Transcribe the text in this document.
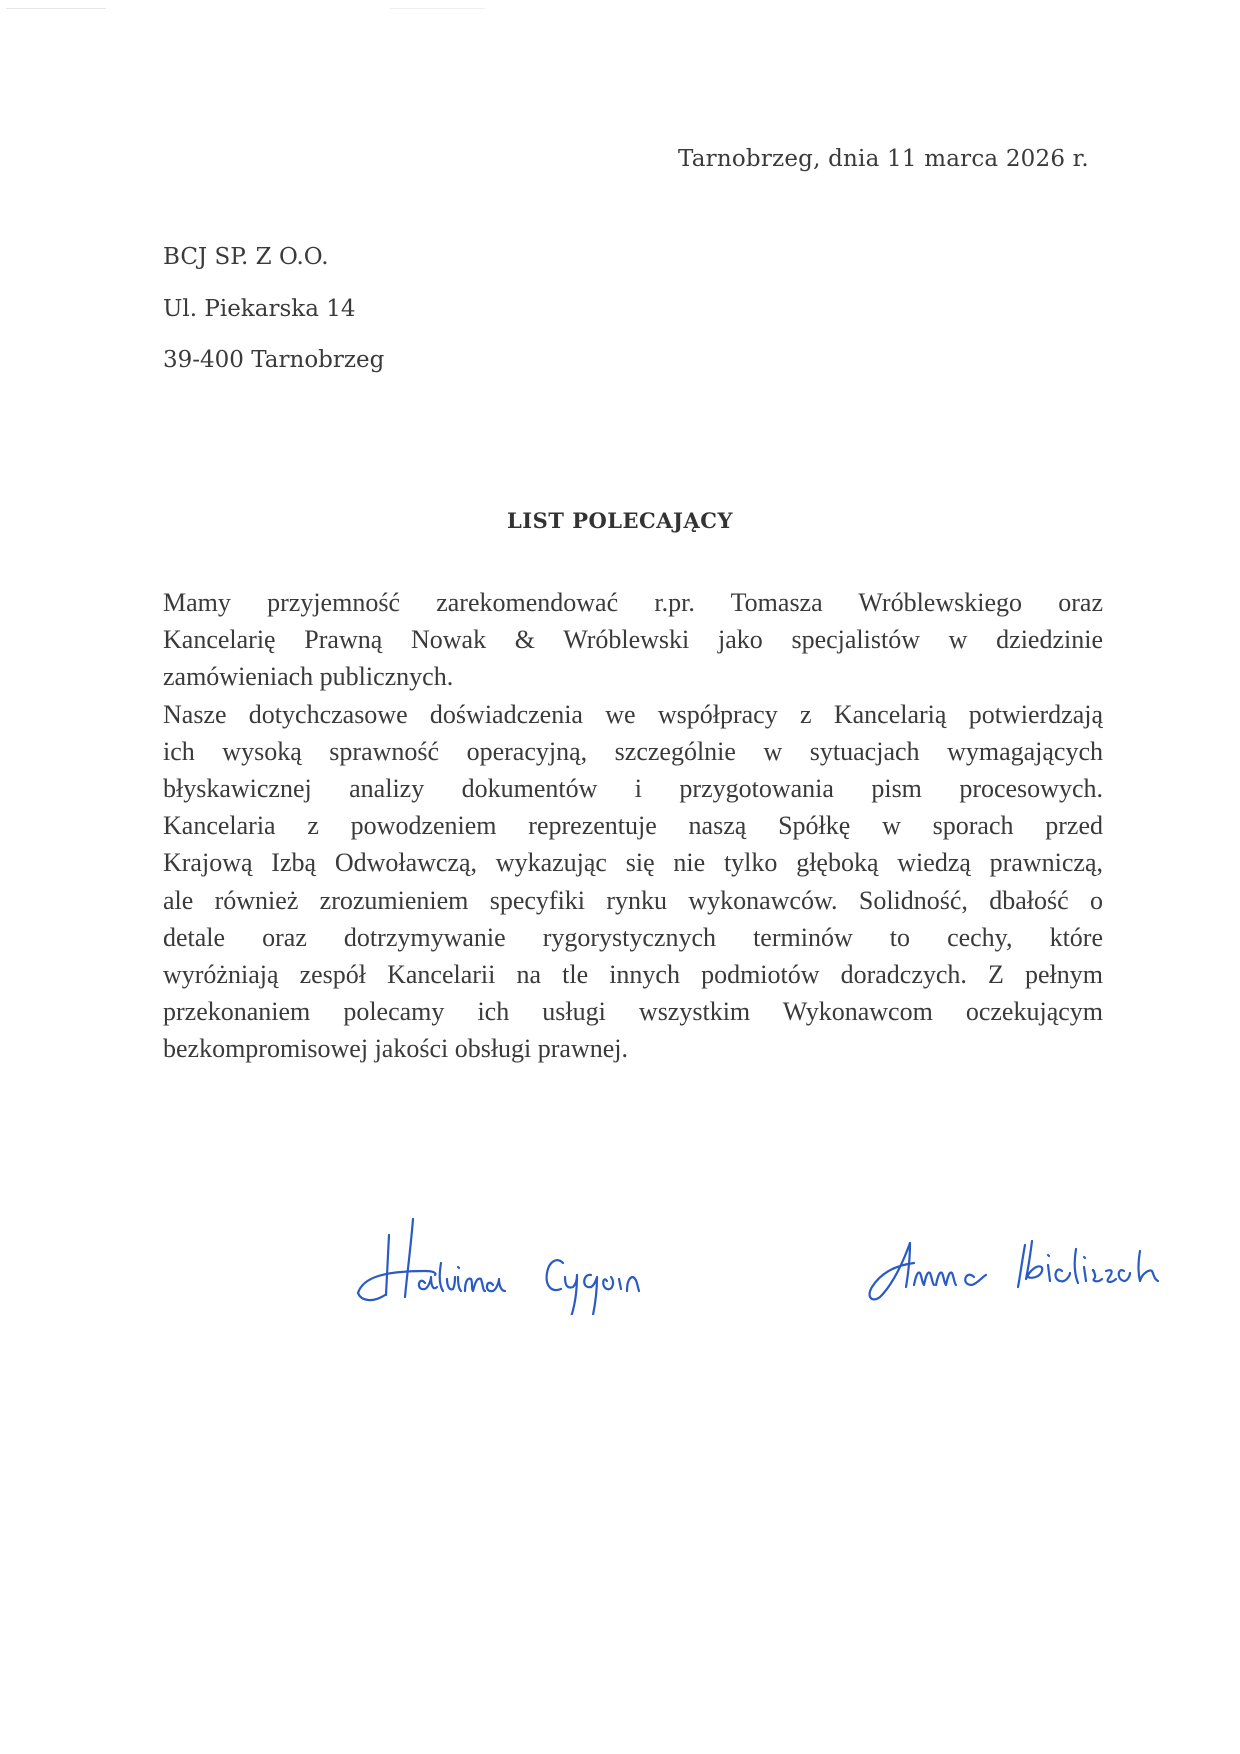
Tarnobrzeg, dnia 11 marca 2026 r.
BCJ SP. Z O.O.
Ul. Piekarska 14
39-400 Tarnobrzeg
LIST POLECAJĄCY
Mamy przyjemność zarekomendować r.pr. Tomasza Wróblewskiego oraz
Kancelarię Prawną Nowak & Wróblewski jako specjalistów w dziedzinie
zamówieniach publicznych.
Nasze dotychczasowe doświadczenia we współpracy z Kancelarią potwierdzają
ich wysoką sprawność operacyjną, szczególnie w sytuacjach wymagających
błyskawicznej analizy dokumentów i przygotowania pism procesowych.
Kancelaria z powodzeniem reprezentuje naszą Spółkę w sporach przed
Krajową Izbą Odwoławczą, wykazując się nie tylko głęboką wiedzą prawniczą,
ale również zrozumieniem specyfiki rynku wykonawców. Solidność, dbałość o
detale oraz dotrzymywanie rygorystycznych terminów to cechy, które
wyróżniają zespół Kancelarii na tle innych podmiotów doradczych. Z pełnym
przekonaniem polecamy ich usługi wszystkim Wykonawcom oczekującym
bezkompromisowej jakości obsługi prawnej.
